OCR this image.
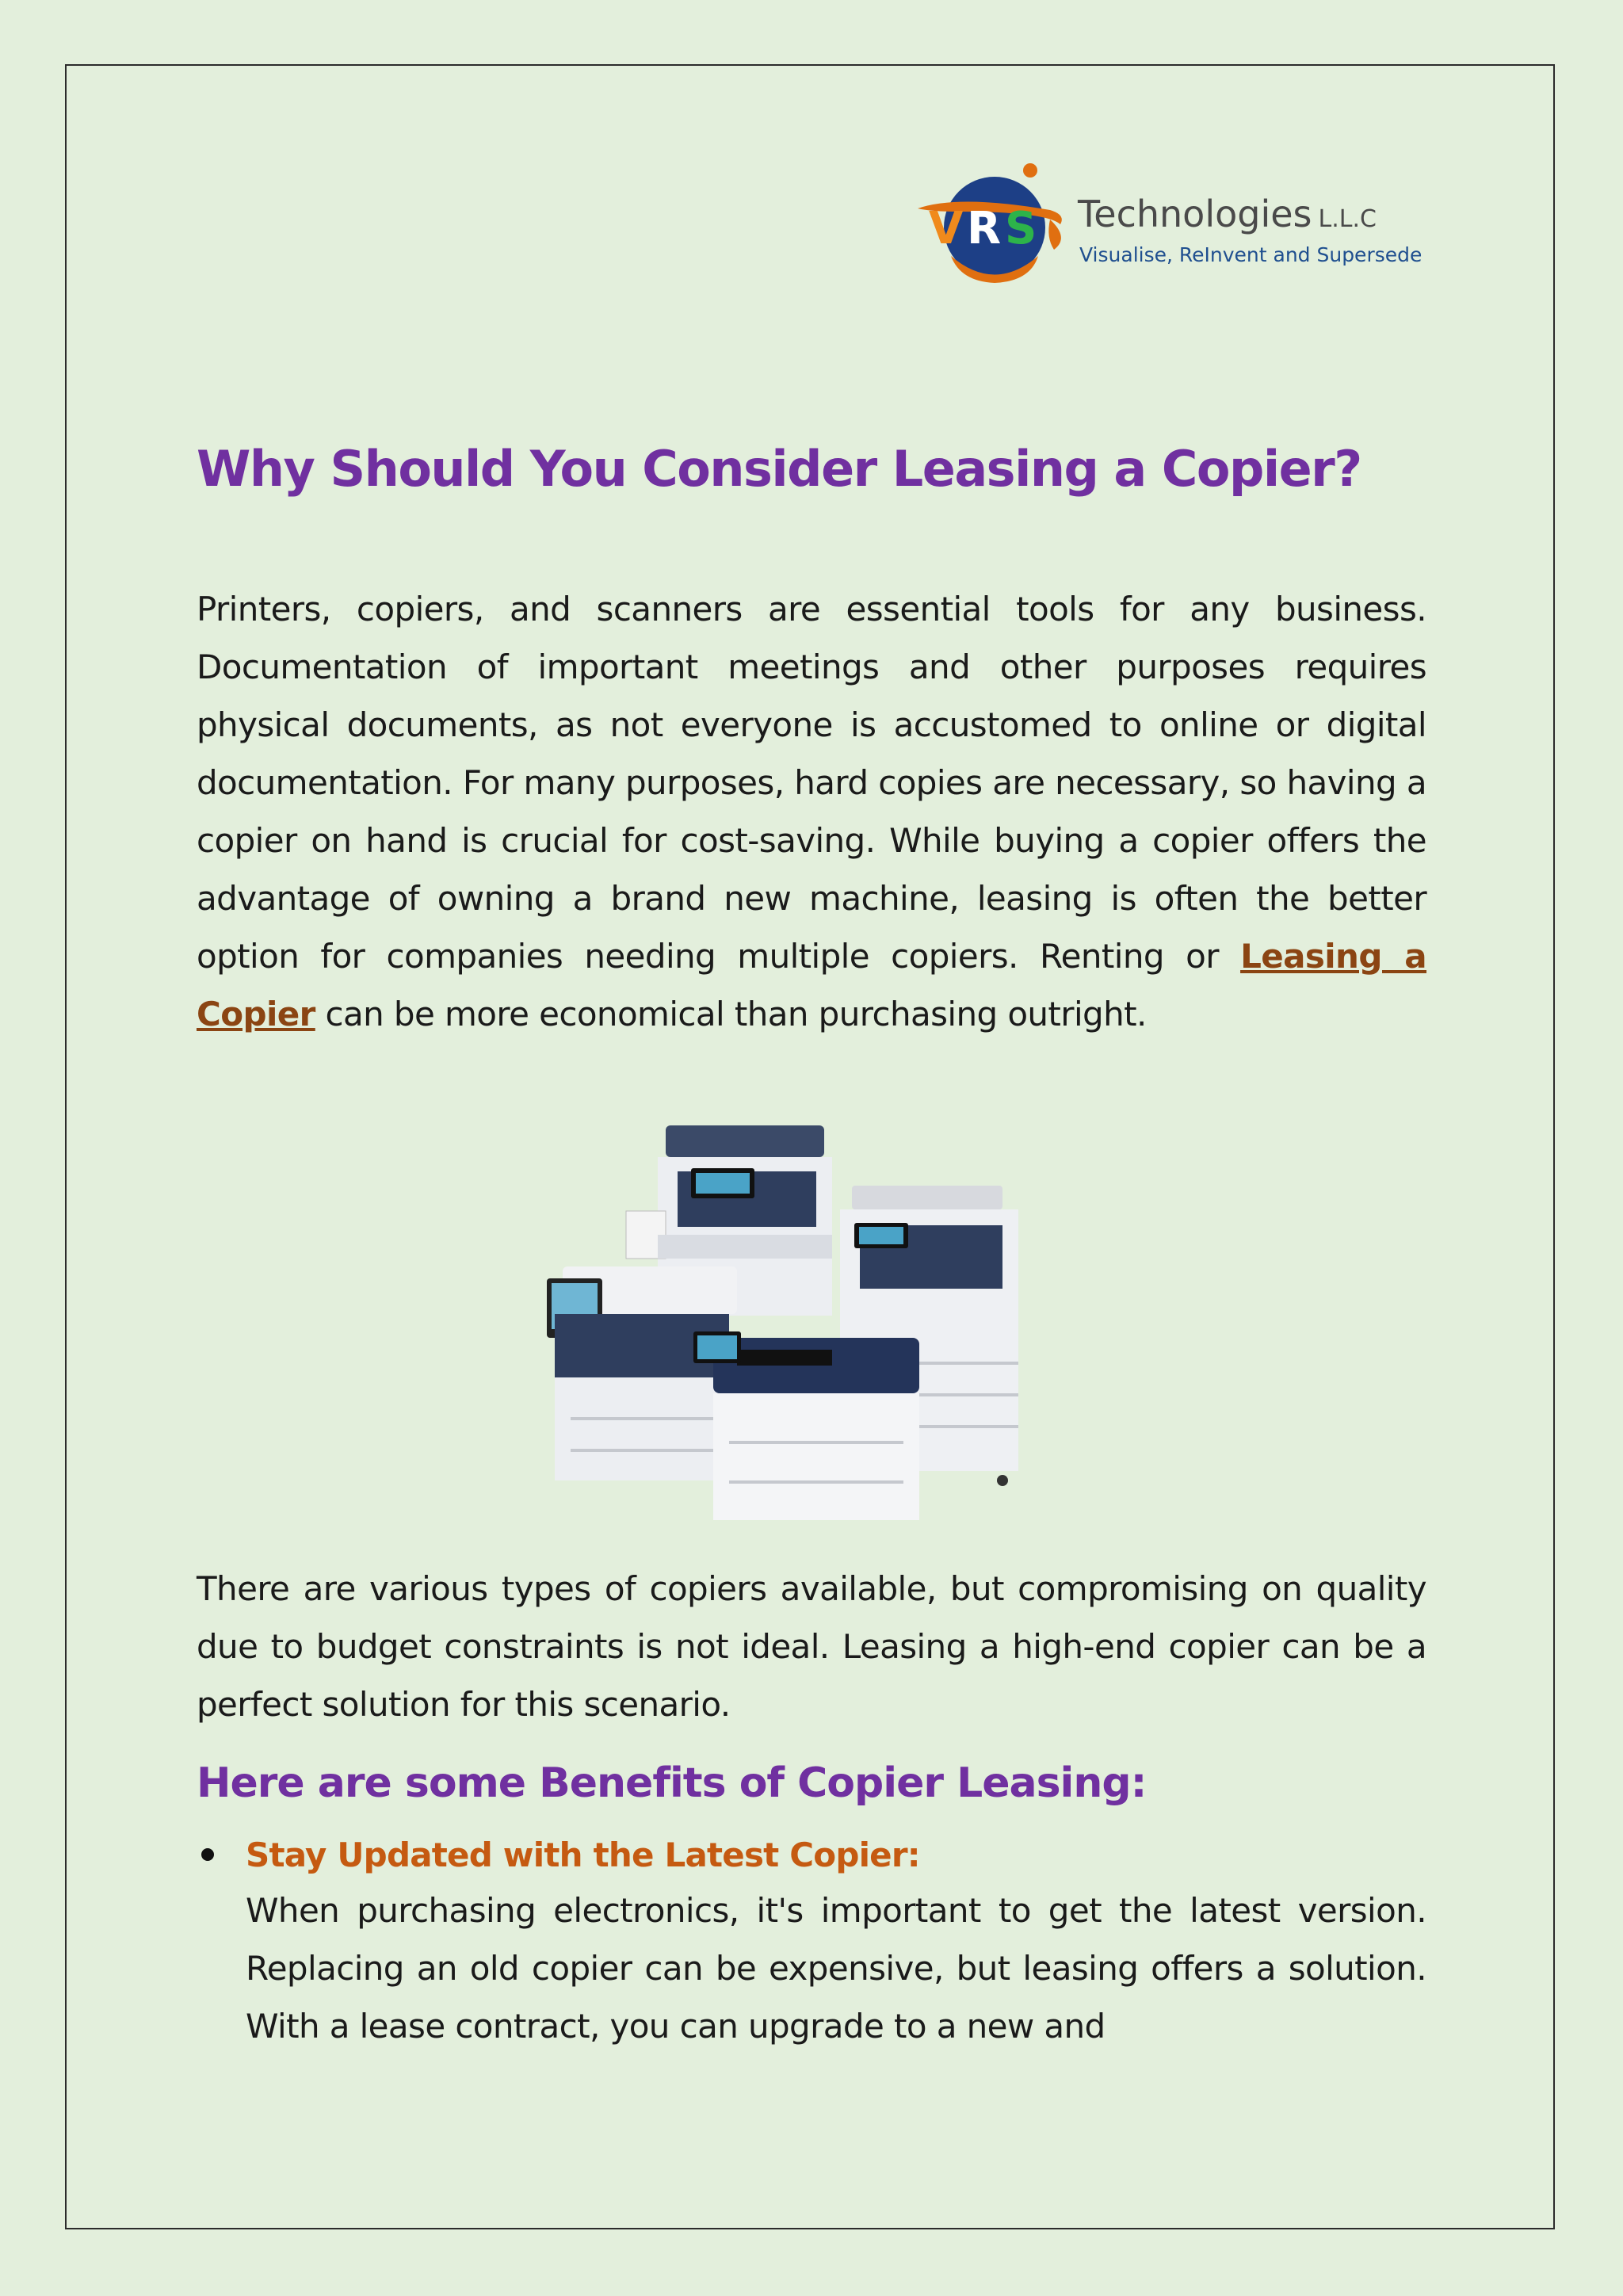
V R S Technologies L.L.C
Visualise, ReInvent and Supersede
Why Should You Consider Leasing a Copier?

Printers, copiers, and scanners are essential tools for any business. Documentation of important meetings and other purposes requires physical documents, as not everyone is accustomed to online or digital documentation. For many purposes, hard copies are necessary, so having a copier on hand is crucial for cost-saving. While buying a copier offers the advantage of owning a brand new machine, leasing is often the better option for companies needing multiple copiers. Renting or Leasing a Copier can be more economical than purchasing outright.

There are various types of copiers available, but compromising on quality due to budget constraints is not ideal. Leasing a high-end copier can be a perfect solution for this scenario.

Here are some Benefits of Copier Leasing:
Stay Updated with the Latest Copier:
When purchasing electronics, it's important to get the latest version. Replacing an old copier can be expensive, but leasing offers a solution. With a lease contract, you can upgrade to a new and
